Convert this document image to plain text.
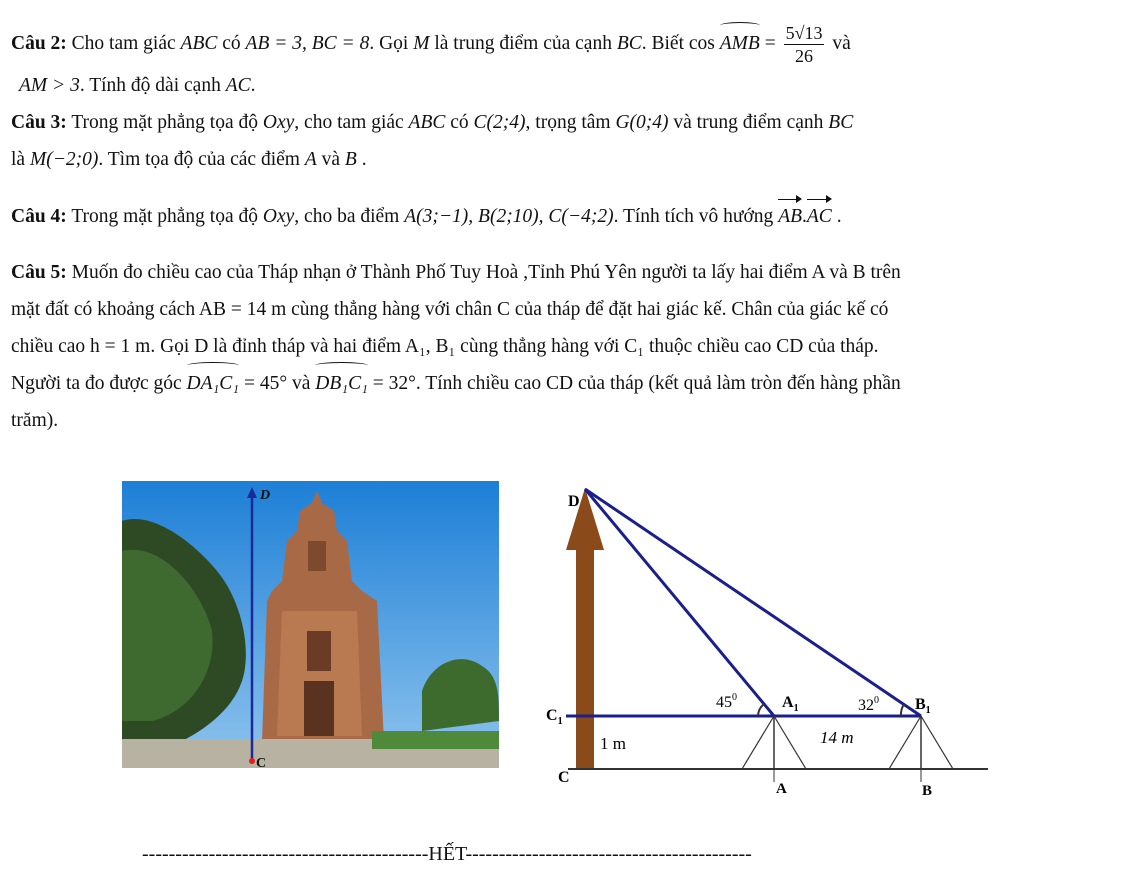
Câu 2: Cho tam giác ABC có AB = 3, BC = 8. Gọi M là trung điểm của cạnh BC. Biết cos AMB = $\frac{5√13}{26}$ và
AM > 3. Tính độ dài cạnh AC.
Câu 3: Trong mặt phẳng tọa độ Oxy, cho tam giác ABC có C(2;4), trọng tâm G(0;4) và trung điểm cạnh BC
là M(−2;0). Tìm tọa độ của các điểm A và B .
Câu 4: Trong mặt phẳng tọa độ Oxy, cho ba điểm A(3;−1), B(2;10), C(−4;2). Tính tích vô hướng AB.AC .
Câu 5: Muốn đo chiều cao của Tháp nhạn ở Thành Phố Tuy Hoà ,Tỉnh Phú Yên người ta lấy hai điểm A và B trên
mặt đất có khoảng cách AB = 14 m cùng thẳng hàng với chân C của tháp để đặt hai giác kế. Chân của giác kế có
chiều cao h = 1 m. Gọi D là đỉnh tháp và hai điểm A₁, B₁ cùng thẳng hàng với C₁ thuộc chiều cao CD của tháp.
Người ta đo được góc DA₁C₁ = 45° và DB₁C₁ = 32°. Tính chiều cao CD của tháp (kết quả làm tròn đến hàng phần
trăm).
D
C
D
$C_1$
C
$A_1$	$B_1$
A	B
$45^0$	$32^0$
1 m	14 m
-------------------------------------------HẾT-------------------------------------------
